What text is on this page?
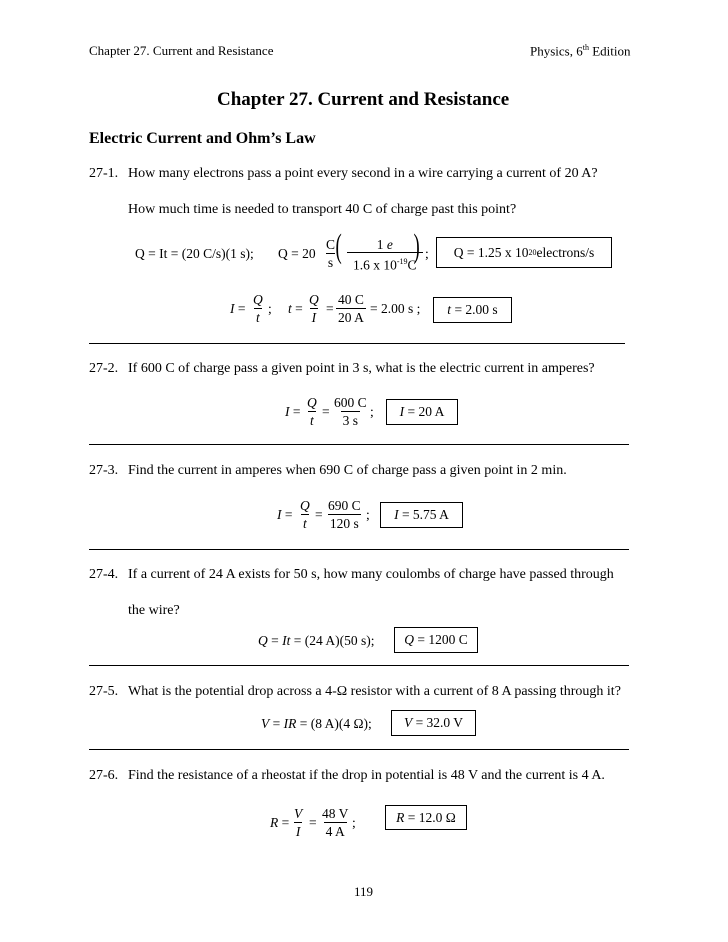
Chapter 27. Current and Resistance	Physics, 6th Edition
Chapter 27. Current and Resistance
Electric Current and Ohm’s Law
27-1. How many electrons pass a point every second in a wire carrying a current of 20 A?
How much time is needed to transport 40 C of charge past this point?
Q = It = (20 C/s)(1 s); Q = 20
C
s (	1 e
1.6 x $10^{-19}C$
) ; Q = 1.25 x 10 20 electrons/s
I =
Q
t
; t =
Q
I
=
40 C
20 A
= 2.00 s ; t = 2.00 s
27-2. If 600 C of charge pass a given point in 3 s, what is the electric current in amperes?
I =
Q
t
=
600 C
3 s
; I = 20 A
27-3. Find the current in amperes when 690 C of charge pass a given point in 2 min.
I =
Q
t
=
690 C
120 s
; I = 5.75 A
27-4. If a current of 24 A exists for 50 s, how many coulombs of charge have passed through
the wire?
Q = It = (24 A)(50 s); Q = 1200 C
27-5. What is the potential drop across a 4-Ω resistor with a current of 8 A passing through it?
V = IR = (8 A)(4 Ω); V = 32.0 V
27-6. Find the resistance of a rheostat if the drop in potential is 48 V and the current is 4 A.
R =
V
I
=
48 V
4 A
;	R = 12.0 Ω
119
